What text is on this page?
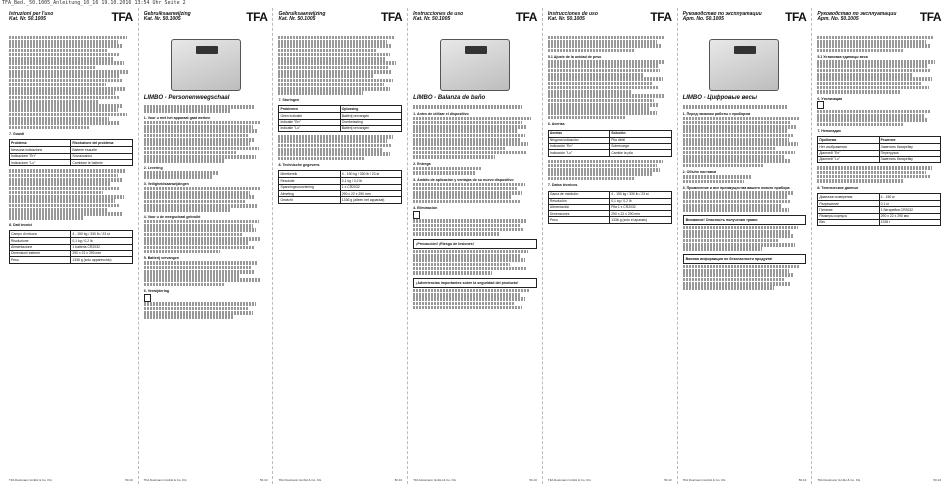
TFA_Bed._50.1005_Anleitung_10_16 19.10.2016 13:54 Uhr Seite 2
Istruzioni per l'uso
Kat. Nr. 50.1005	TFA
7. Guasti
Problema	Risoluzione del problema
Nessuna indicazione	Batterie esaurite
Indicazione "Err"	Sovraccarico
Indicazione "Lo"	Cambiare le batterie
8. Dati tecnici
Campo di misura	4 - 150 kg / 330 lb / 23 st
Risoluzione	0,1 kg / 0,2 lb
Alimentazione	1 batteria CR2032
Dimensioni esterne	290 x 22 x 290 mm
Peso	1336 g (solo apparecchio)
TFA Dostmann GmbH & Co. KG	50.10
Gebruiksaanwijzing
Kat. Nr. 50.1005	TFA
LIMBO - Personenweegschaal
1. Voor u met het apparaat gaat werken
2. Levering
3. Veiligheidsaanwijzingen
4. Voor u de weegschaal gebruikt
5. Batterij vervangen
6. Verwijdering
TFA Dostmann GmbH & Co. KG	50.10
Gebruiksaanwijzing
Kat. Nr. 50.1005	TFA
7. Storingen
Problemen	Oplossing
Geen indicatie	Batterij vervangen
Indicatie "Err"	Overbelasting
Indicatie "Lo"	Batterij vervangen
8. Technische gegevens
Meetbereik	4 - 150 kg / 330 lb / 23 st
Resolutie	0,1 kg / 0,2 lb
Spanningsvoorziening	1 x CR2032
Afmeting	290 x 22 x 290 mm
Gewicht	1336 g (alleen het apparaat)
TFA Dostmann GmbH & Co. KG	50.10
Instrucciones de uso
Kat. Nr. 50.1005	TFA
LIMBO - Balanza de baño
1. Antes de utilizar el dispositivo
2. Entrega
3. Ámbito de aplicación y ventajas de su nuevo dispositivo
4. Eliminación
¡Precaución! ¡Riesgo de lesiones!
¡Advertencias importantes sobre la seguridad del producto!
TFA Dostmann GmbH & Co. KG	50.10
Instrucciones de uso
Kat. Nr. 50.1005	TFA
5.1 Ajuste de la unidad de peso
6. Averías
Averías	Solución
Ninguna indicación	Pila débil
Indicación "Err"	Sobrecarga
Indicación "Lo"	Cambie la pila
7. Datos técnicos
Gama de medición	4 - 150 kg / 330 lb / 23 st
Resolución	0,1 kg / 0,2 lb
Alimentación	Pila 1 x CR2032
Dimensiones	290 x 22 x 290 mm
Peso	1336 g (solo el aparato)
TFA Dostmann GmbH & Co. KG	50.10
Руководство по эксплуатации
Арт. No. 50.1005	TFA
LIMBO - Цифровые весы
1. Перед началом работы с прибором
2. Объём поставки
3. Применение и все преимущества вашего нового прибора
Внимание! Опасность получения травм:
Важная информация по безопасности продукта!
TFA Dostmann GmbH & Co. KG	50.10
Руководство по эксплуатации
Арт. No. 50.1005	TFA
5.1 Установка единицы веса
6. Утилизация
7. Неполадки
Проблема	Решение
Нет изображения	Заменить батарейку
Дисплей "Err"	Перегрузка
Дисплей "Lo"	Заменить батарейку
8. Технические данные
Диапазон измерения	4 - 150 кг
Разрешение	0,1 кг
Питание	1 батарейка CR2032
Размеры корпуса	290 x 22 x 290 мм
Вес	1336 г
TFA Dostmann GmbH & Co. KG	50.10
